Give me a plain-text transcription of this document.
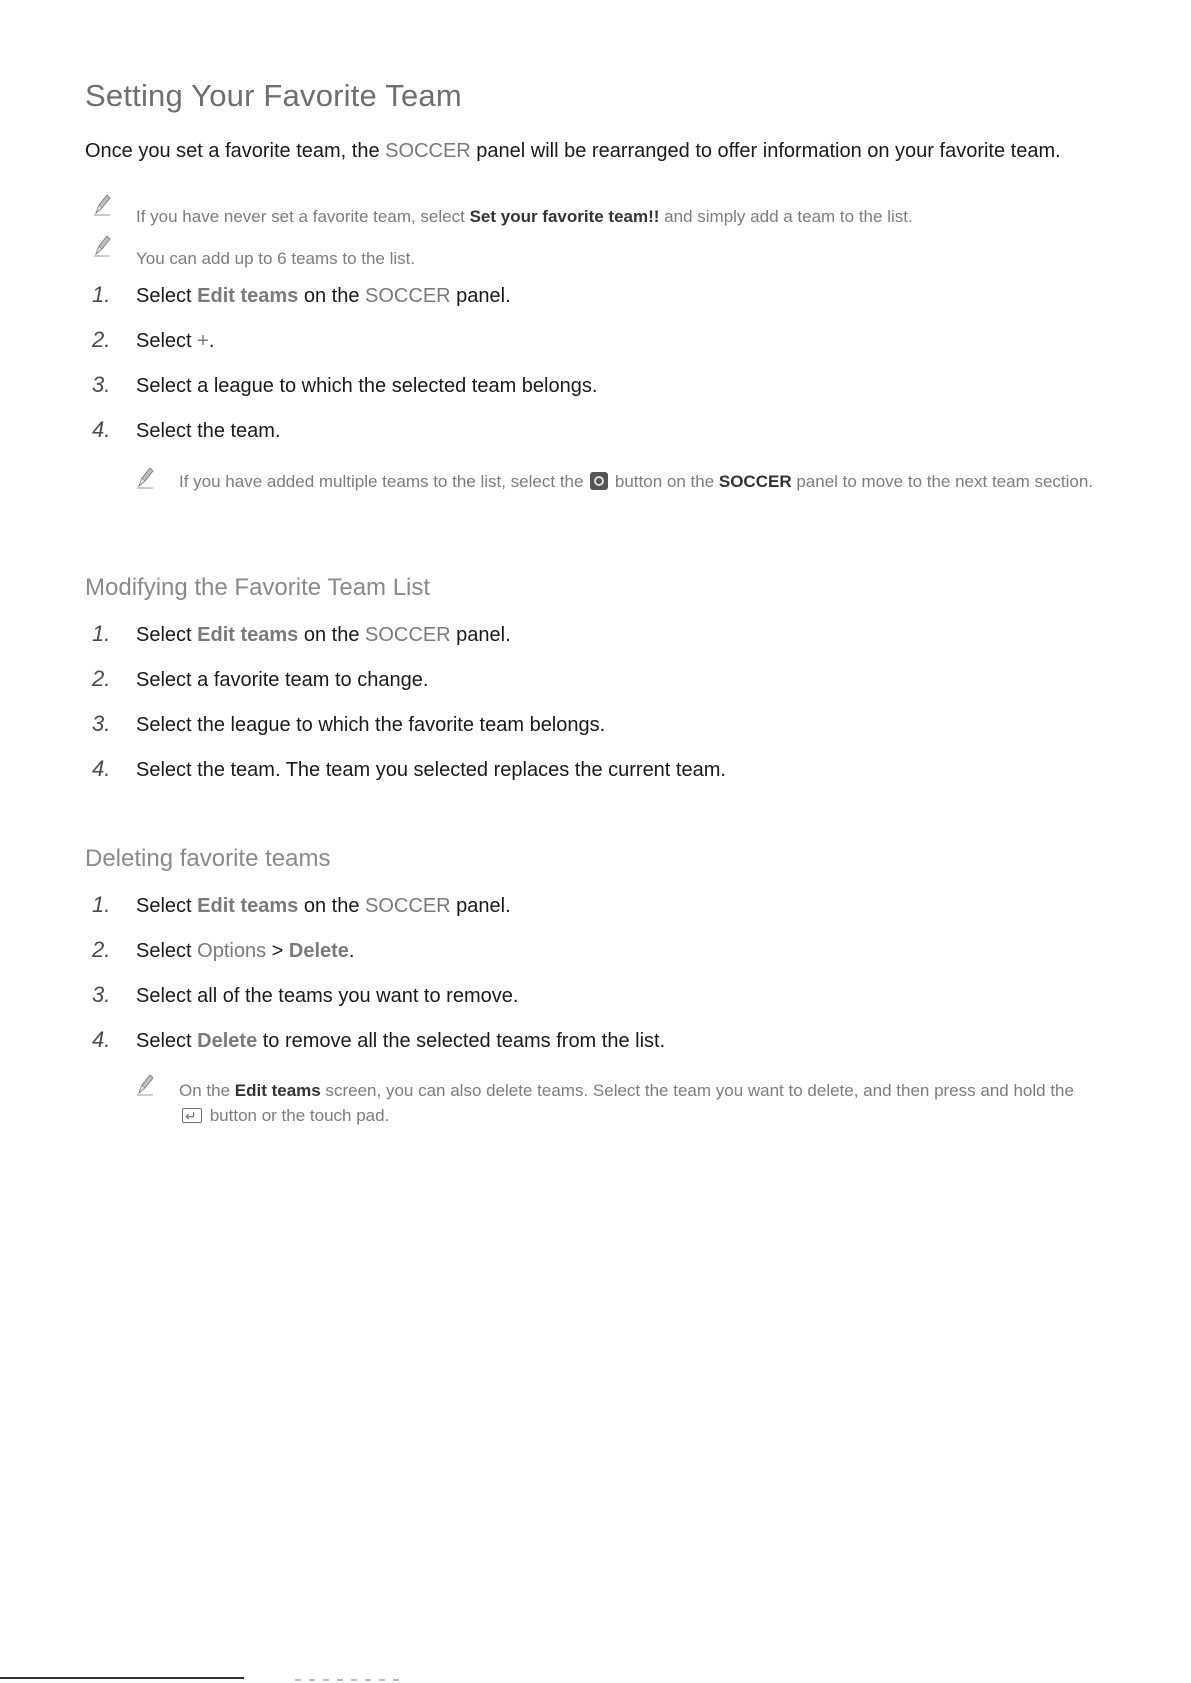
Setting Your Favorite Team
Once you set a favorite team, the SOCCER panel will be rearranged to offer information on your favorite team.
If you have never set a favorite team, select Set your favorite team!! and simply add a team to the list.
You can add up to 6 teams to the list.
1. Select Edit teams on the SOCCER panel.
2. Select +.
3. Select a league to which the selected team belongs.
4. Select the team.
If you have added multiple teams to the list, select the  button on the SOCCER panel to move to the next team section.
Modifying the Favorite Team List
1. Select Edit teams on the SOCCER panel.
2. Select a favorite team to change.
3. Select the league to which the favorite team belongs.
4. Select the team. The team you selected replaces the current team.
Deleting favorite teams
1. Select Edit teams on the SOCCER panel.
2. Select Options > Delete.
3. Select all of the teams you want to remove.
4. Select Delete to remove all the selected teams from the list.
On the Edit teams screen, you can also delete teams. Select the team you want to delete, and then press and hold the ↵ button or the touch pad.
